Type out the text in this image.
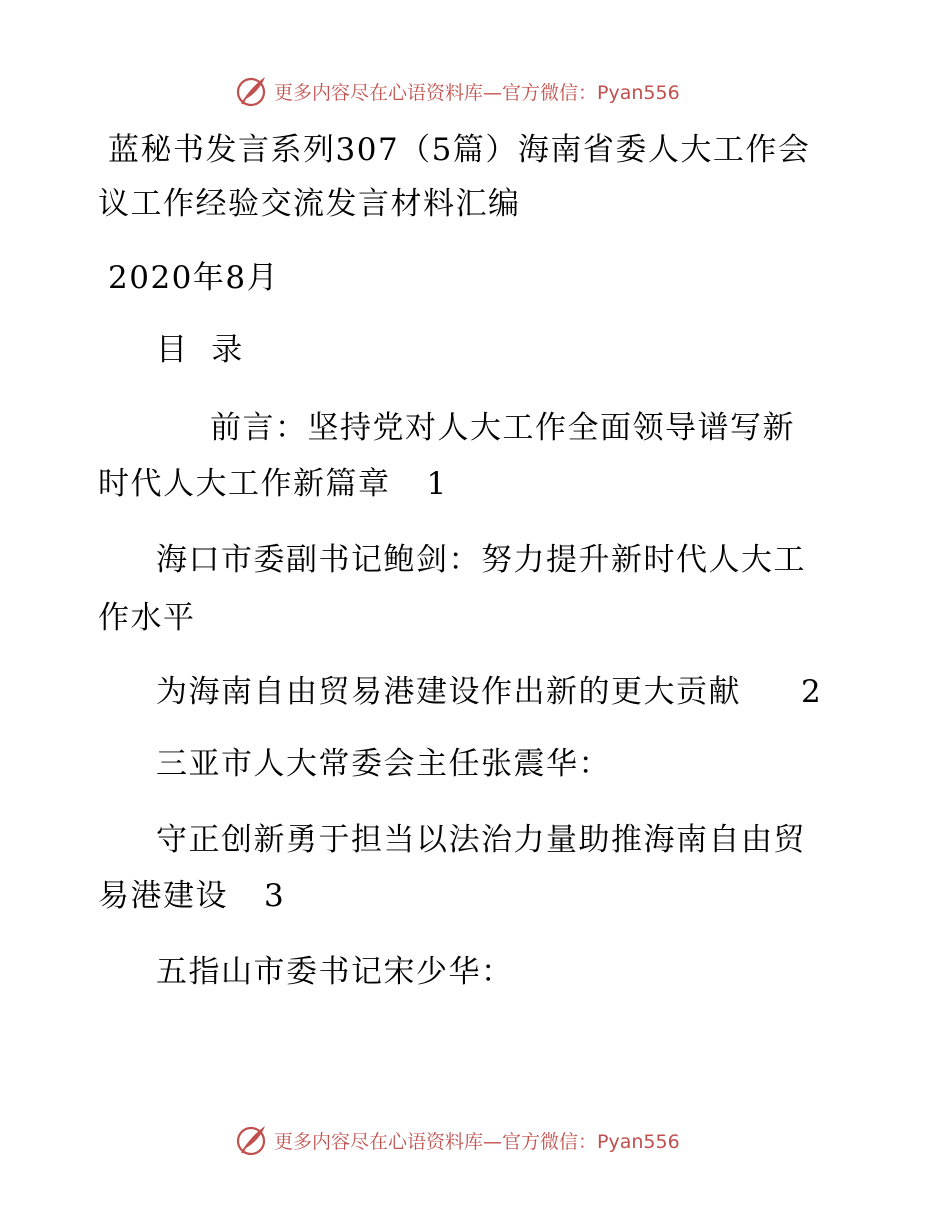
更多内容尽在心语资料库—官方微信：Pyan556
蓝秘书发言系列307（5篇）海南省委人大工作会
议工作经验交流发言材料汇编
2020年8月
目  录
前言：坚持党对人大工作全面领导谱写新
时代人大工作新篇章 1
海口市委副书记鲍剑：努力提升新时代人大工
作水平
为海南自由贸易港建设作出新的更大贡献 2
三亚市人大常委会主任张震华：
守正创新勇于担当以法治力量助推海南自由贸
易港建设 3
五指山市委书记宋少华：
更多内容尽在心语资料库—官方微信：Pyan556
